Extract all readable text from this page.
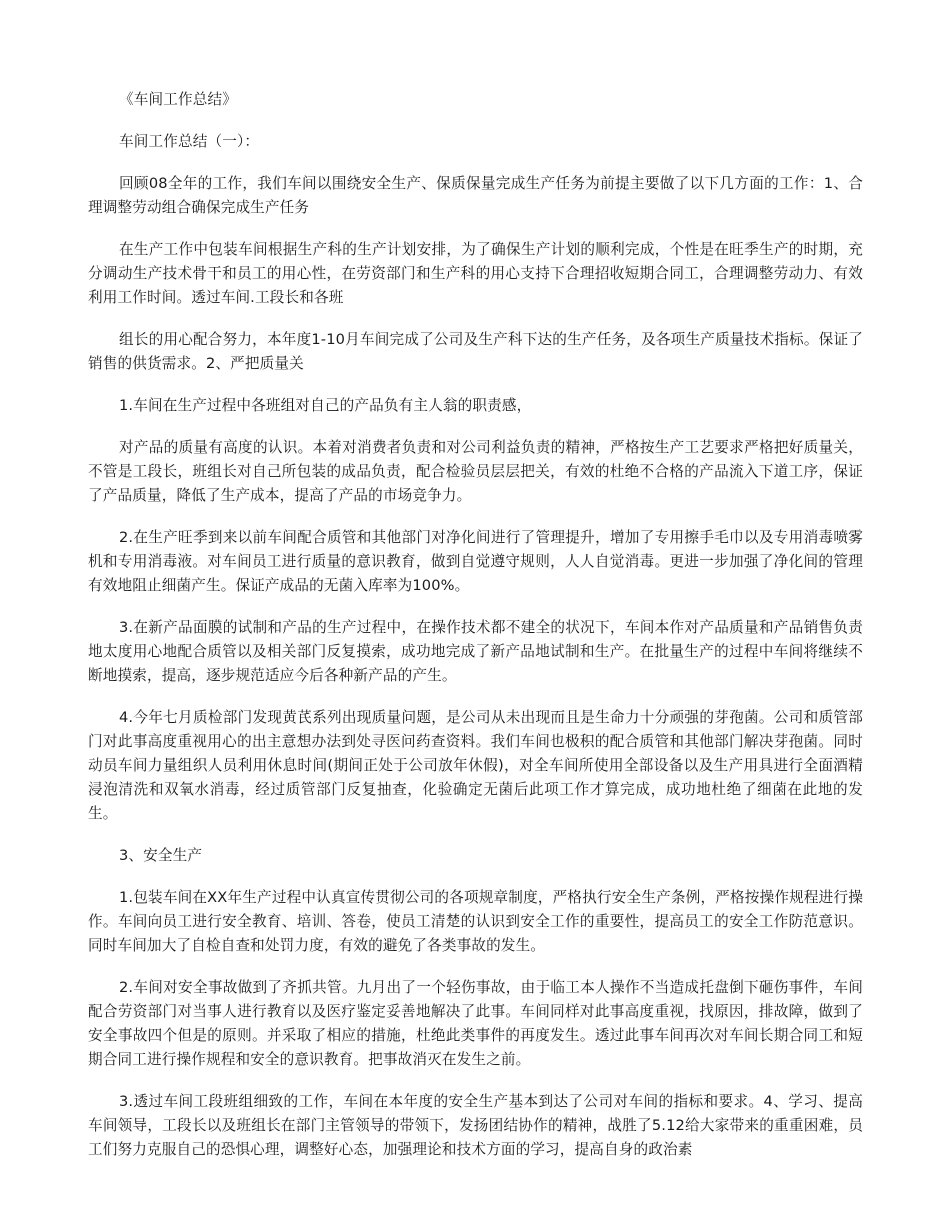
《车间工作总结》

车间工作总结（一）：

回顾08全年的工作，我们车间以围绕安全生产、保质保量完成生产任务为前提主要做了以下几方面的工作：1、合理调整劳动组合确保完成生产任务

在生产工作中包装车间根据生产科的生产计划安排，为了确保生产计划的顺利完成，个性是在旺季生产的时期，充分调动生产技术骨干和员工的用心性，在劳资部门和生产科的用心支持下合理招收短期合同工，合理调整劳动力、有效利用工作时间。透过车间.工段长和各班

组长的用心配合努力，本年度1-10月车间完成了公司及生产科下达的生产任务，及各项生产质量技术指标。保证了销售的供货需求。2、严把质量关

1.车间在生产过程中各班组对自己的产品负有主人翁的职责感，

对产品的质量有高度的认识。本着对消费者负责和对公司利益负责的精神，严格按生产工艺要求严格把好质量关，不管是工段长，班组长对自己所包装的成品负责，配合检验员层层把关，有效的杜绝不合格的产品流入下道工序，保证了产品质量，降低了生产成本，提高了产品的市场竞争力。

2.在生产旺季到来以前车间配合质管和其他部门对净化间进行了管理提升，增加了专用擦手毛巾以及专用消毒喷雾机和专用消毒液。对车间员工进行质量的意识教育，做到自觉遵守规则，人人自觉消毒。更进一步加强了净化间的管理有效地阻止细菌产生。保证产成品的无菌入库率为100%。

3.在新产品面膜的试制和产品的生产过程中，在操作技术都不建全的状况下，车间本作对产品质量和产品销售负责地太度用心地配合质管以及相关部门反复摸索，成功地完成了新产品地试制和生产。在批量生产的过程中车间将继续不断地摸索，提高，逐步规范适应今后各种新产品的产生。

4.今年七月质检部门发现黄芪系列出现质量问题，是公司从未出现而且是生命力十分顽强的芽孢菌。公司和质管部门对此事高度重视用心的出主意想办法到处寻医问药查资料。我们车间也极积的配合质管和其他部门解决芽孢菌。同时动员车间力量组织人员利用休息时间(期间正处于公司放年休假)，对全车间所使用全部设备以及生产用具进行全面酒精浸泡清洗和双氧水消毒，经过质管部门反复抽查，化验确定无菌后此项工作才算完成，成功地杜绝了细菌在此地的发生。

3、安全生产

1.包装车间在XX年生产过程中认真宣传贯彻公司的各项规章制度，严格执行安全生产条例，严格按操作规程进行操作。车间向员工进行安全教育、培训、答卷，使员工清楚的认识到安全工作的重要性，提高员工的安全工作防范意识。同时车间加大了自检自查和处罚力度，有效的避免了各类事故的发生。

2.车间对安全事故做到了齐抓共管。九月出了一个轻伤事故，由于临工本人操作不当造成托盘倒下砸伤事件，车间配合劳资部门对当事人进行教育以及医疗鉴定妥善地解决了此事。车间同样对此事高度重视，找原因，排故障，做到了安全事故四个但是的原则。并采取了相应的措施，杜绝此类事件的再度发生。透过此事车间再次对车间长期合同工和短期合同工进行操作规程和安全的意识教育。把事故消灭在发生之前。

3.透过车间工段班组细致的工作，车间在本年度的安全生产基本到达了公司对车间的指标和要求。4、学习、提高车间领导，工段长以及班组长在部门主管领导的带领下，发扬团结协作的精神，战胜了5.12给大家带来的重重困难，员工们努力克服自己的恐惧心理，调整好心态，加强理论和技术方面的学习，提高自身的政治素
